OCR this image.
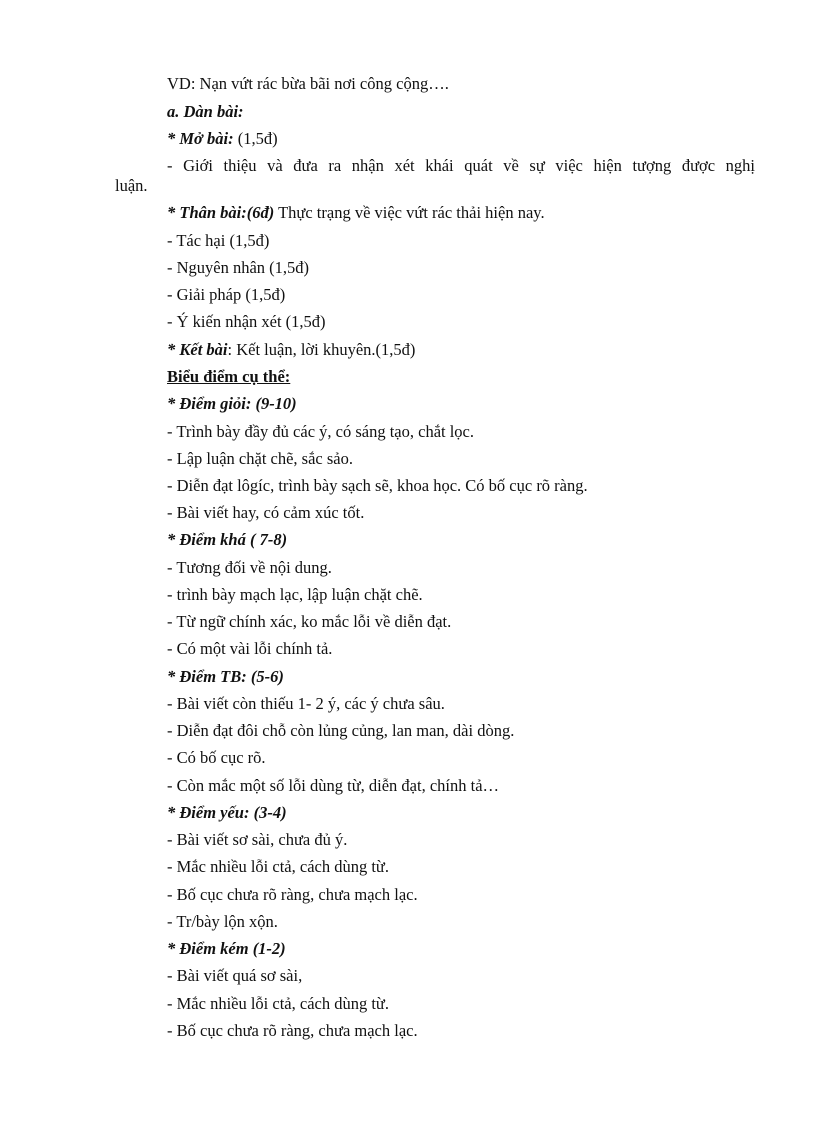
VD: Nạn vứt rác bừa bãi nơi công cộng….
a. Dàn bài:
* Mở bài: (1,5đ)
- Giới thiệu và đưa ra nhận xét khái quát về sự việc hiện tượng được nghị
luận.
* Thân bài:(6đ) Thực trạng về việc vứt rác thải hiện nay.
- Tác hại (1,5đ)
- Nguyên nhân (1,5đ)
- Giải pháp (1,5đ)
- Ý kiến nhận xét (1,5đ)
* Kết bài: Kết luận, lời khuyên.(1,5đ)
Biểu điểm cụ thể:
* Điểm giỏi: (9-10)
- Trình bày đầy đủ các ý, có sáng tạo, chắt lọc.
- Lập luận chặt chẽ, sắc sảo.
- Diễn đạt lôgíc, trình bày sạch sẽ, khoa học. Có bố cục rõ ràng.
- Bài viết hay, có cảm xúc tốt.
* Điểm khá ( 7-8)
- Tương đối về nội dung.
- trình bày mạch lạc, lập luận chặt chẽ.
- Từ ngữ chính xác, ko mắc lỗi về diễn đạt.
- Có một vài lỗi chính tả.
* Điểm TB: (5-6)
- Bài viết còn thiếu 1- 2 ý, các ý chưa sâu.
- Diễn đạt đôi chỗ còn lủng củng, lan man, dài dòng.
- Có bố cục rõ.
- Còn mắc một số lỗi dùng từ, diễn đạt, chính tả…
* Điểm yếu: (3-4)
- Bài viết sơ sài, chưa đủ ý.
- Mắc nhiều lỗi ctả, cách dùng từ.
- Bố cục chưa rõ ràng, chưa mạch lạc.
- Tr/bày lộn xộn.
* Điểm kém (1-2)
- Bài viết quá sơ sài,
- Mắc nhiều lỗi ctả, cách dùng từ.
- Bố cục chưa rõ ràng, chưa mạch lạc.
